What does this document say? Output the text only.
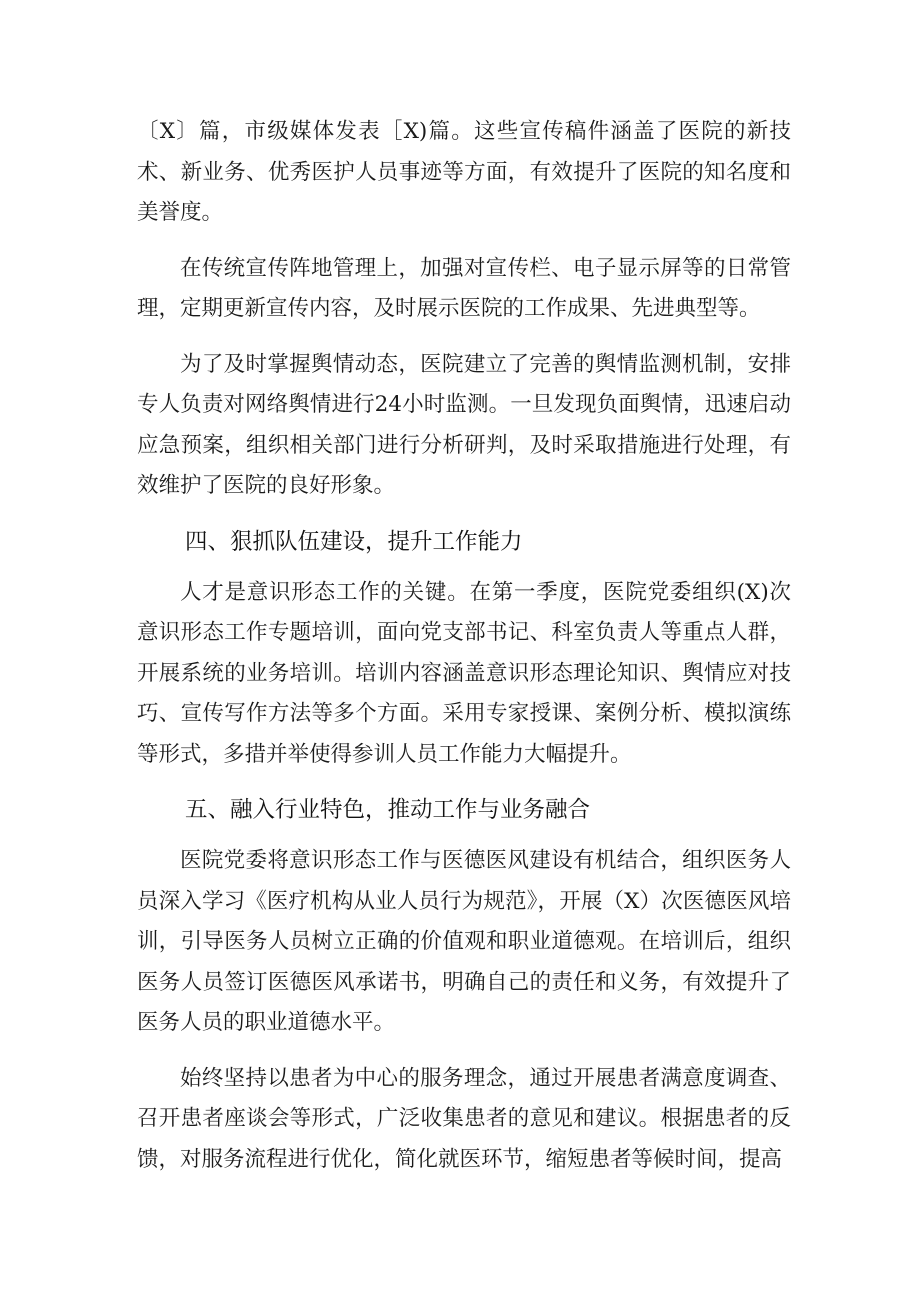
〔X〕篇，市级媒体发表［X)篇。这些宣传稿件涵盖了医院的新技术、新业务、优秀医护人员事迹等方面，有效提升了医院的知名度和美誉度。

在传统宣传阵地管理上，加强对宣传栏、电子显示屏等的日常管理，定期更新宣传内容，及时展示医院的工作成果、先进典型等。

为了及时掌握舆情动态，医院建立了完善的舆情监测机制，安排专人负责对网络舆情进行24小时监测。一旦发现负面舆情，迅速启动应急预案，组织相关部门进行分析研判，及时采取措施进行处理，有效维护了医院的良好形象。

四、狠抓队伍建设，提升工作能力

人才是意识形态工作的关键。在第一季度，医院党委组织(X)次意识形态工作专题培训，面向党支部书记、科室负责人等重点人群，开展系统的业务培训。培训内容涵盖意识形态理论知识、舆情应对技巧、宣传写作方法等多个方面。采用专家授课、案例分析、模拟演练等形式，多措并举使得参训人员工作能力大幅提升。

五、融入行业特色，推动工作与业务融合

医院党委将意识形态工作与医德医风建设有机结合，组织医务人员深入学习《医疗机构从业人员行为规范》，开展（X）次医德医风培训，引导医务人员树立正确的价值观和职业道德观。在培训后，组织医务人员签订医德医风承诺书，明确自己的责任和义务，有效提升了医务人员的职业道德水平。

始终坚持以患者为中心的服务理念，通过开展患者满意度调查、召开患者座谈会等形式，广泛收集患者的意见和建议。根据患者的反馈，对服务流程进行优化，简化就医环节，缩短患者等候时间，提高
